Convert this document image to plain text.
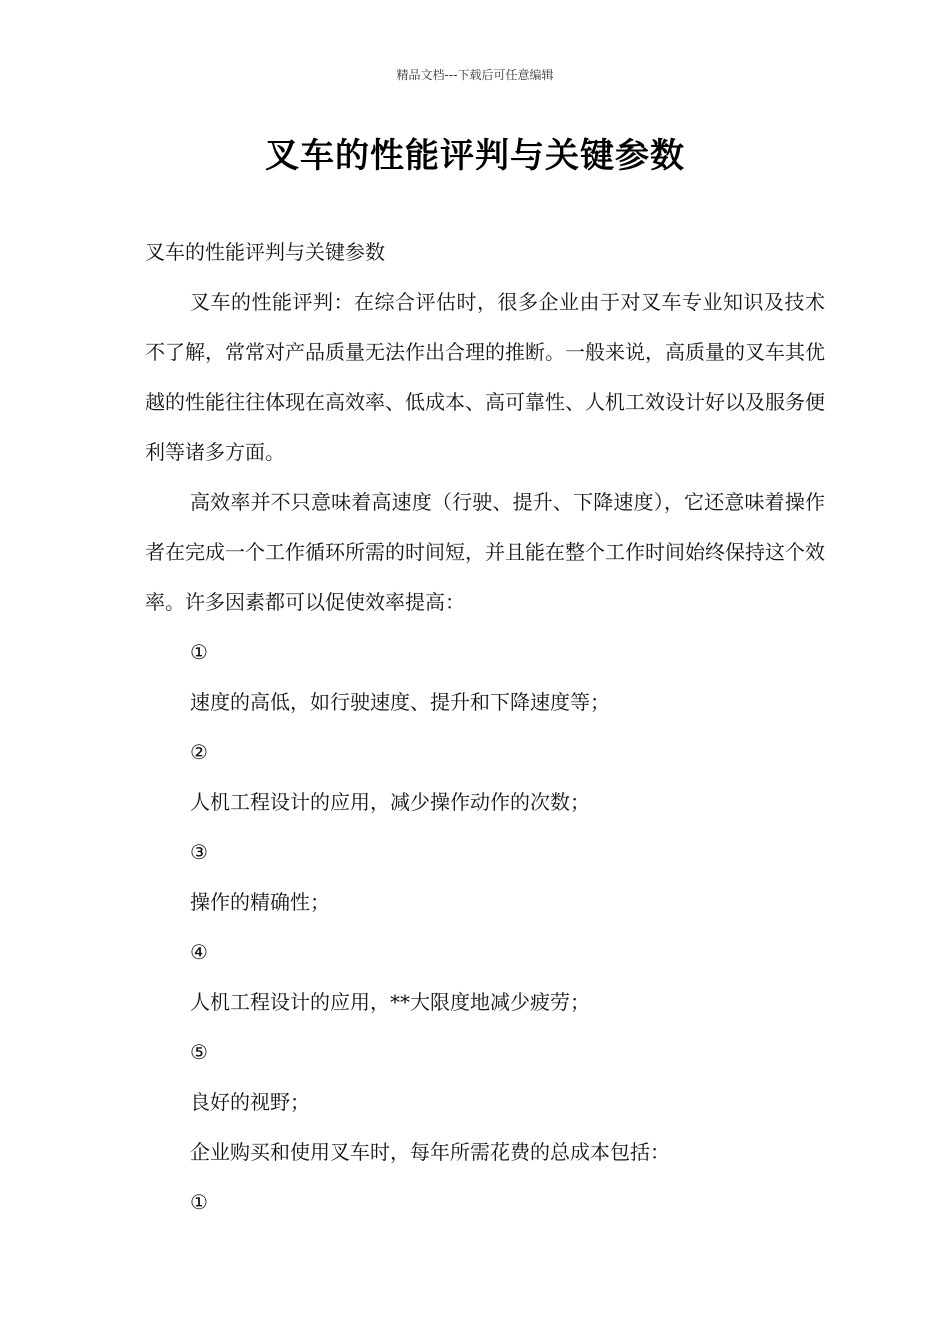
精品文档---下载后可任意编辑
叉车的性能评判与关键参数

叉车的性能评判与关键参数

叉车的性能评判：在综合评估时，很多企业由于对叉车专业知识及技术不了解，常常对产品质量无法作出合理的推断。一般来说，高质量的叉车其优越的性能往往体现在高效率、低成本、高可靠性、人机工效设计好以及服务便利等诸多方面。

高效率并不只意味着高速度（行驶、提升、下降速度），它还意味着操作者在完成一个工作循环所需的时间短，并且能在整个工作时间始终保持这个效率。许多因素都可以促使效率提高：

①

速度的高低，如行驶速度、提升和下降速度等；

②

人机工程设计的应用，减少操作动作的次数；

③

操作的精确性；

④

人机工程设计的应用，**大限度地减少疲劳；

⑤

良好的视野；

企业购买和使用叉车时，每年所需花费的总成本包括：

①
